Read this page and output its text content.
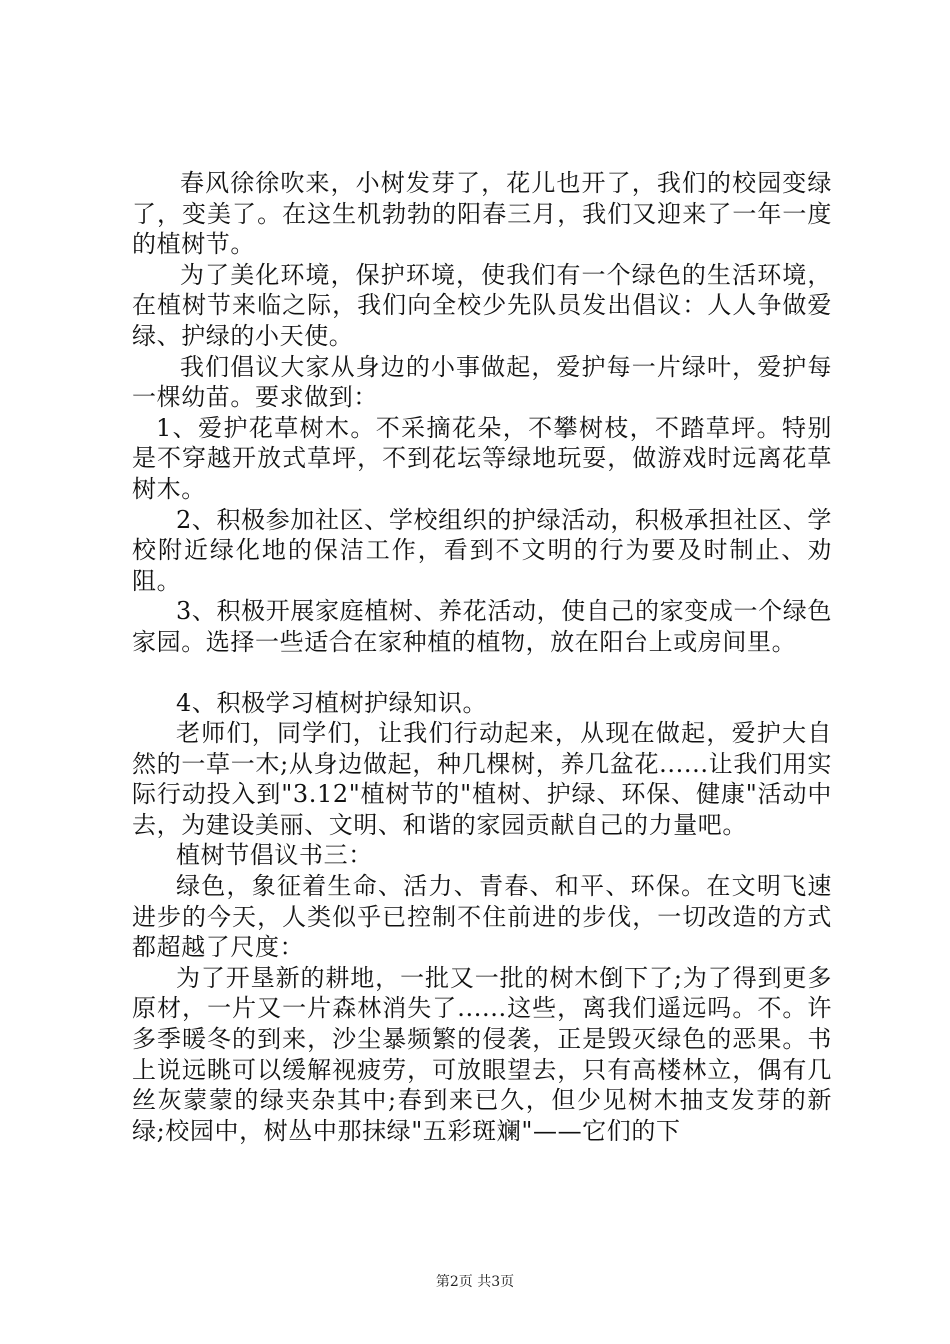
春风徐徐吹来，小树发芽了，花儿也开了，我们的校园变绿了，变美了。在这生机勃勃的阳春三月，我们又迎来了一年一度的植树节。

为了美化环境，保护环境，使我们有一个绿色的生活环境，在植树节来临之际，我们向全校少先队员发出倡议：人人争做爱绿、护绿的小天使。

我们倡议大家从身边的小事做起，爱护每一片绿叶，爱护每一棵幼苗。要求做到：

1、爱护花草树木。不采摘花朵，不攀树枝，不踏草坪。特别是不穿越开放式草坪，不到花坛等绿地玩耍，做游戏时远离花草树木。

2、积极参加社区、学校组织的护绿活动，积极承担社区、学校附近绿化地的保洁工作，看到不文明的行为要及时制止、劝阻。

3、积极开展家庭植树、养花活动，使自己的家变成一个绿色家园。选择一些适合在家种植的植物，放在阳台上或房间里。

4、积极学习植树护绿知识。

老师们，同学们，让我们行动起来，从现在做起，爱护大自然的一草一木;从身边做起，种几棵树，养几盆花......让我们用实际行动投入到"3.12"植树节的"植树、护绿、环保、健康"活动中去，为建设美丽、文明、和谐的家园贡献自己的力量吧。

植树节倡议书三：

绿色，象征着生命、活力、青春、和平、环保。在文明飞速进步的今天，人类似乎已控制不住前进的步伐，一切改造的方式都超越了尺度：

为了开垦新的耕地，一批又一批的树木倒下了;为了得到更多原材，一片又一片森林消失了......这些，离我们遥远吗。不。许多季暖冬的到来，沙尘暴频繁的侵袭，正是毁灭绿色的恶果。书上说远眺可以缓解视疲劳，可放眼望去，只有高楼林立，偶有几丝灰蒙蒙的绿夹杂其中;春到来已久，但少见树木抽支发芽的新绿;校园中，树丛中那抹绿"五彩斑斓"——它们的下

第2页 共3页
